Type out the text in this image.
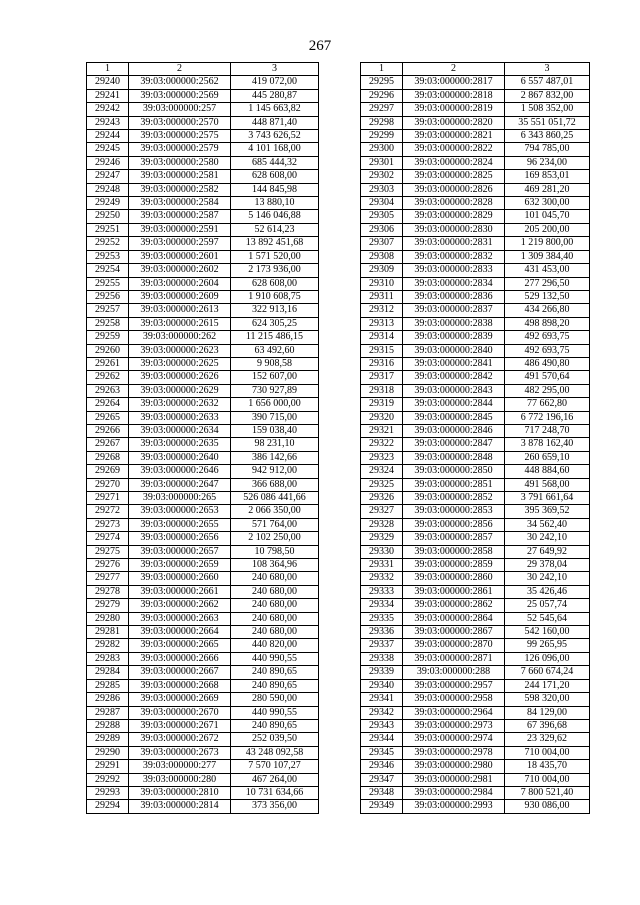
267
1	2	3
29240	39:03:000000:2562	419 072,00
29241	39:03:000000:2569	445 280,87
29242	39:03:000000:257	1 145 663,82
29243	39:03:000000:2570	448 871,40
29244	39:03:000000:2575	3 743 626,52
29245	39:03:000000:2579	4 101 168,00
29246	39:03:000000:2580	685 444,32
29247	39:03:000000:2581	628 608,00
29248	39:03:000000:2582	144 845,98
29249	39:03:000000:2584	13 880,10
29250	39:03:000000:2587	5 146 046,88
29251	39:03:000000:2591	52 614,23
29252	39:03:000000:2597	13 892 451,68
29253	39:03:000000:2601	1 571 520,00
29254	39:03:000000:2602	2 173 936,00
29255	39:03:000000:2604	628 608,00
29256	39:03:000000:2609	1 910 608,75
29257	39:03:000000:2613	322 913,16
29258	39:03:000000:2615	624 305,25
29259	39:03:000000:262	11 215 486,15
29260	39:03:000000:2623	63 492,60
29261	39:03:000000:2625	9 908,58
29262	39:03:000000:2626	152 607,00
29263	39:03:000000:2629	730 927,89
29264	39:03:000000:2632	1 656 000,00
29265	39:03:000000:2633	390 715,00
29266	39:03:000000:2634	159 038,40
29267	39:03:000000:2635	98 231,10
29268	39:03:000000:2640	386 142,66
29269	39:03:000000:2646	942 912,00
29270	39:03:000000:2647	366 688,00
29271	39:03:000000:265	526 086 441,66
29272	39:03:000000:2653	2 066 350,00
29273	39:03:000000:2655	571 764,00
29274	39:03:000000:2656	2 102 250,00
29275	39:03:000000:2657	10 798,50
29276	39:03:000000:2659	108 364,96
29277	39:03:000000:2660	240 680,00
29278	39:03:000000:2661	240 680,00
29279	39:03:000000:2662	240 680,00
29280	39:03:000000:2663	240 680,00
29281	39:03:000000:2664	240 680,00
29282	39:03:000000:2665	440 820,00
29283	39:03:000000:2666	440 990,55
29284	39:03:000000:2667	240 890,65
29285	39:03:000000:2668	240 890,65
29286	39:03:000000:2669	280 590,00
29287	39:03:000000:2670	440 990,55
29288	39:03:000000:2671	240 890,65
29289	39:03:000000:2672	252 039,50
29290	39:03:000000:2673	43 248 092,58
29291	39:03:000000:277	7 570 107,27
29292	39:03:000000:280	467 264,00
29293	39:03:000000:2810	10 731 634,66
29294	39:03:000000:2814	373 356,00
1	2	3
29295	39:03:000000:2817	6 557 487,01
29296	39:03:000000:2818	2 867 832,00
29297	39:03:000000:2819	1 508 352,00
29298	39:03:000000:2820	35 551 051,72
29299	39:03:000000:2821	6 343 860,25
29300	39:03:000000:2822	794 785,00
29301	39:03:000000:2824	96 234,00
29302	39:03:000000:2825	169 853,01
29303	39:03:000000:2826	469 281,20
29304	39:03:000000:2828	632 300,00
29305	39:03:000000:2829	101 045,70
29306	39:03:000000:2830	205 200,00
29307	39:03:000000:2831	1 219 800,00
29308	39:03:000000:2832	1 309 384,40
29309	39:03:000000:2833	431 453,00
29310	39:03:000000:2834	277 296,50
29311	39:03:000000:2836	529 132,50
29312	39:03:000000:2837	434 266,80
29313	39:03:000000:2838	498 898,20
29314	39:03:000000:2839	492 693,75
29315	39:03:000000:2840	492 693,75
29316	39:03:000000:2841	486 490,80
29317	39:03:000000:2842	491 570,64
29318	39:03:000000:2843	482 295,00
29319	39:03:000000:2844	77 662,80
29320	39:03:000000:2845	6 772 196,16
29321	39:03:000000:2846	717 248,70
29322	39:03:000000:2847	3 878 162,40
29323	39:03:000000:2848	260 659,10
29324	39:03:000000:2850	448 884,60
29325	39:03:000000:2851	491 568,00
29326	39:03:000000:2852	3 791 661,64
29327	39:03:000000:2853	395 369,52
29328	39:03:000000:2856	34 562,40
29329	39:03:000000:2857	30 242,10
29330	39:03:000000:2858	27 649,92
29331	39:03:000000:2859	29 378,04
29332	39:03:000000:2860	30 242,10
29333	39:03:000000:2861	35 426,46
29334	39:03:000000:2862	25 057,74
29335	39:03:000000:2864	52 545,64
29336	39:03:000000:2867	542 160,00
29337	39:03:000000:2870	99 265,95
29338	39:03:000000:2871	126 096,00
29339	39:03:000000:288	7 660 674,24
29340	39:03:000000:2957	244 171,20
29341	39:03:000000:2958	598 320,00
29342	39:03:000000:2964	84 129,00
29343	39:03:000000:2973	67 396,68
29344	39:03:000000:2974	23 329,62
29345	39:03:000000:2978	710 004,00
29346	39:03:000000:2980	18 435,70
29347	39:03:000000:2981	710 004,00
29348	39:03:000000:2984	7 800 521,40
29349	39:03:000000:2993	930 086,00
